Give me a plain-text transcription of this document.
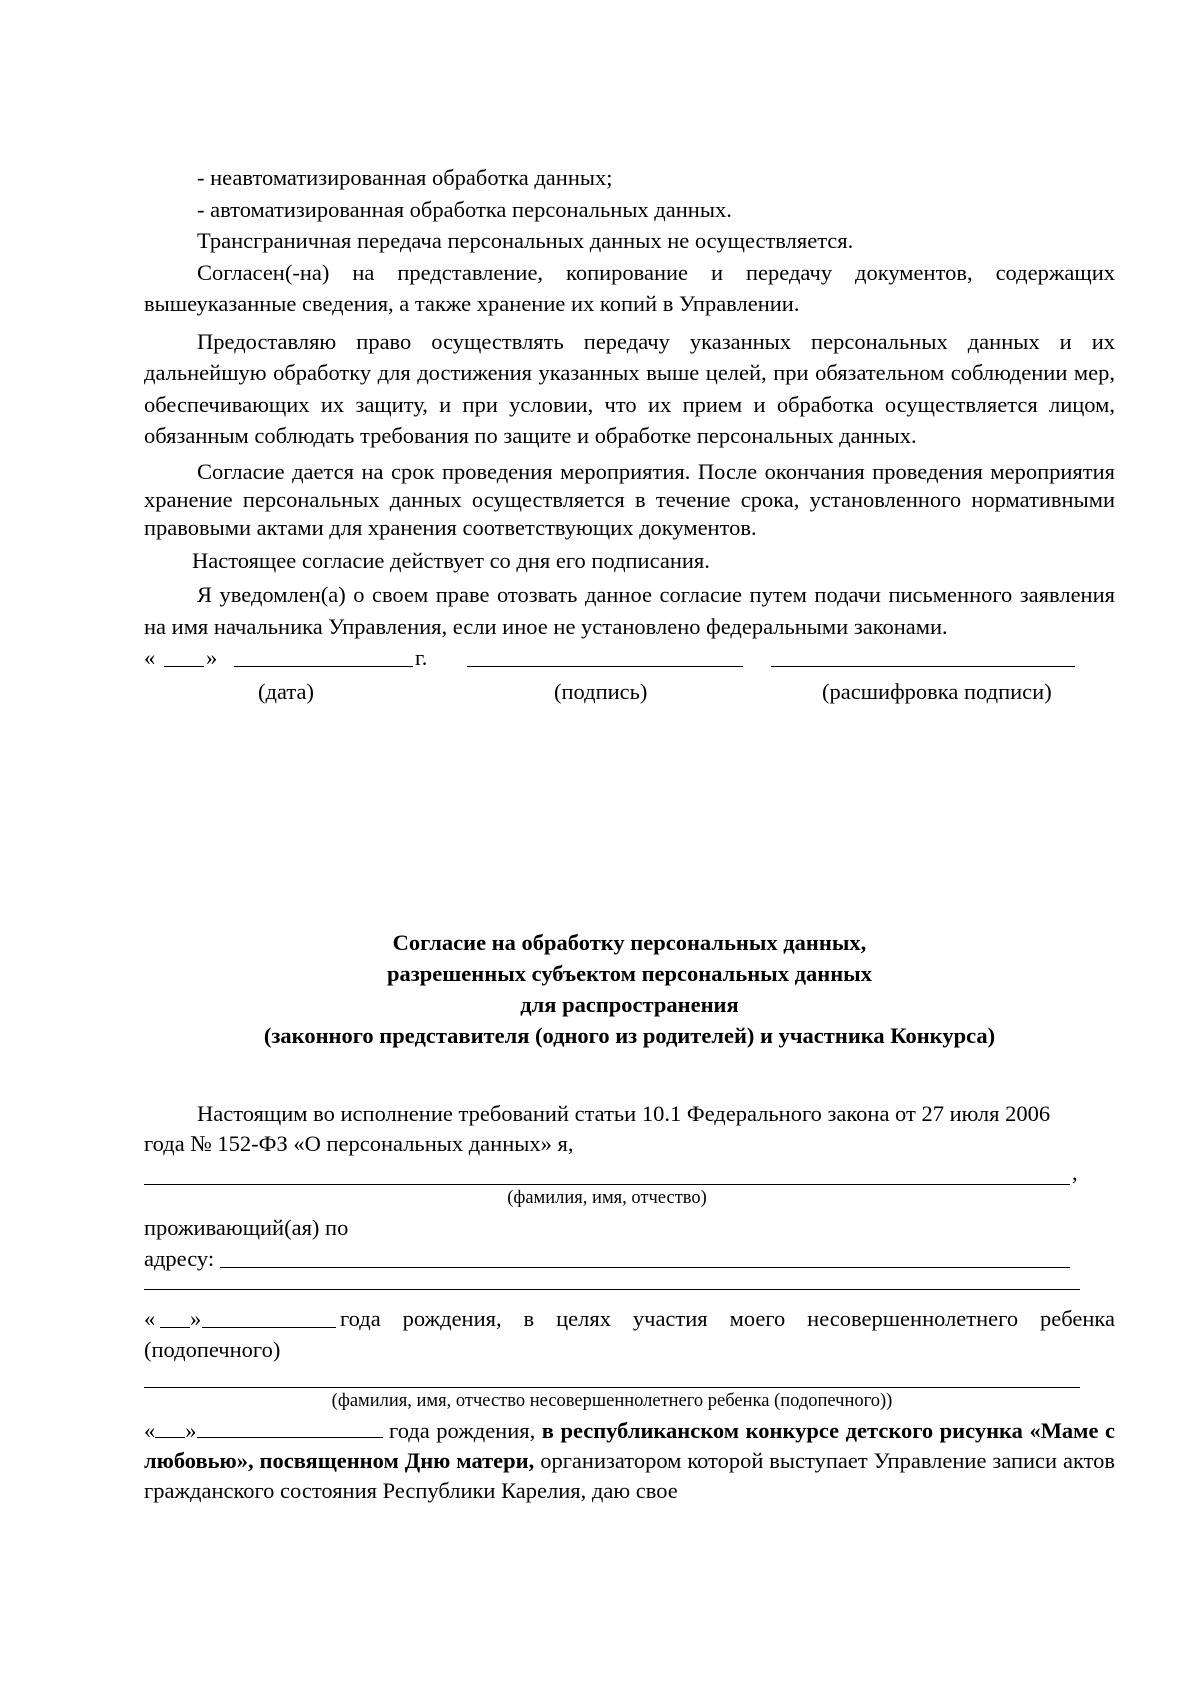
- неавтоматизированная обработка данных;

- автоматизированная обработка персональных данных.

Трансграничная передача персональных данных не осуществляется.

Согласен(-на) на представление, копирование и передачу документов, содержащих вышеуказанные сведения, а также хранение их копий в Управлении.

Предоставляю право осуществлять передачу указанных персональных данных и их дальнейшую обработку для достижения указанных выше целей, при обязательном соблюдении мер, обеспечивающих их защиту, и при условии, что их прием и обработка осуществляется лицом, обязанным соблюдать требования по защите и обработке персональных данных.

Согласие дается на срок проведения мероприятия. После окончания проведения мероприятия хранение персональных данных осуществляется в течение срока, установленного нормативными правовыми актами для хранения соответствующих документов.

Настоящее согласие действует со дня его подписания.

Я уведомлен(а) о своем праве отозвать данное согласие путем подачи письменного заявления на имя начальника Управления, если иное не установлено федеральными законами.

« »	г.
(дата)	(подпись)	(расшифровка подписи)
Согласие на обработку персональных данных,
разрешенных субъектом персональных данных
для распространения
(законного представителя (одного из родителей) и участника Конкурса)

Настоящим во исполнение требований статьи 10.1 Федерального закона от 27 июля 2006 года № 152-ФЗ «О персональных данных» я,

,
(фамилия, имя, отчество)
проживающий(ая) по
адресу:
« »	года рождения, в целях участия моего несовершеннолетнего ребенка
(подопечного)
(фамилия, имя, отчество несовершеннолетнего ребенка (подопечного))
« »	года рождения, в республиканском конкурсе детского рисунка «Маме с любовью», посвященном Дню матери, организатором которой выступает Управление записи актов гражданского состояния Республики Карелия, даю свое
